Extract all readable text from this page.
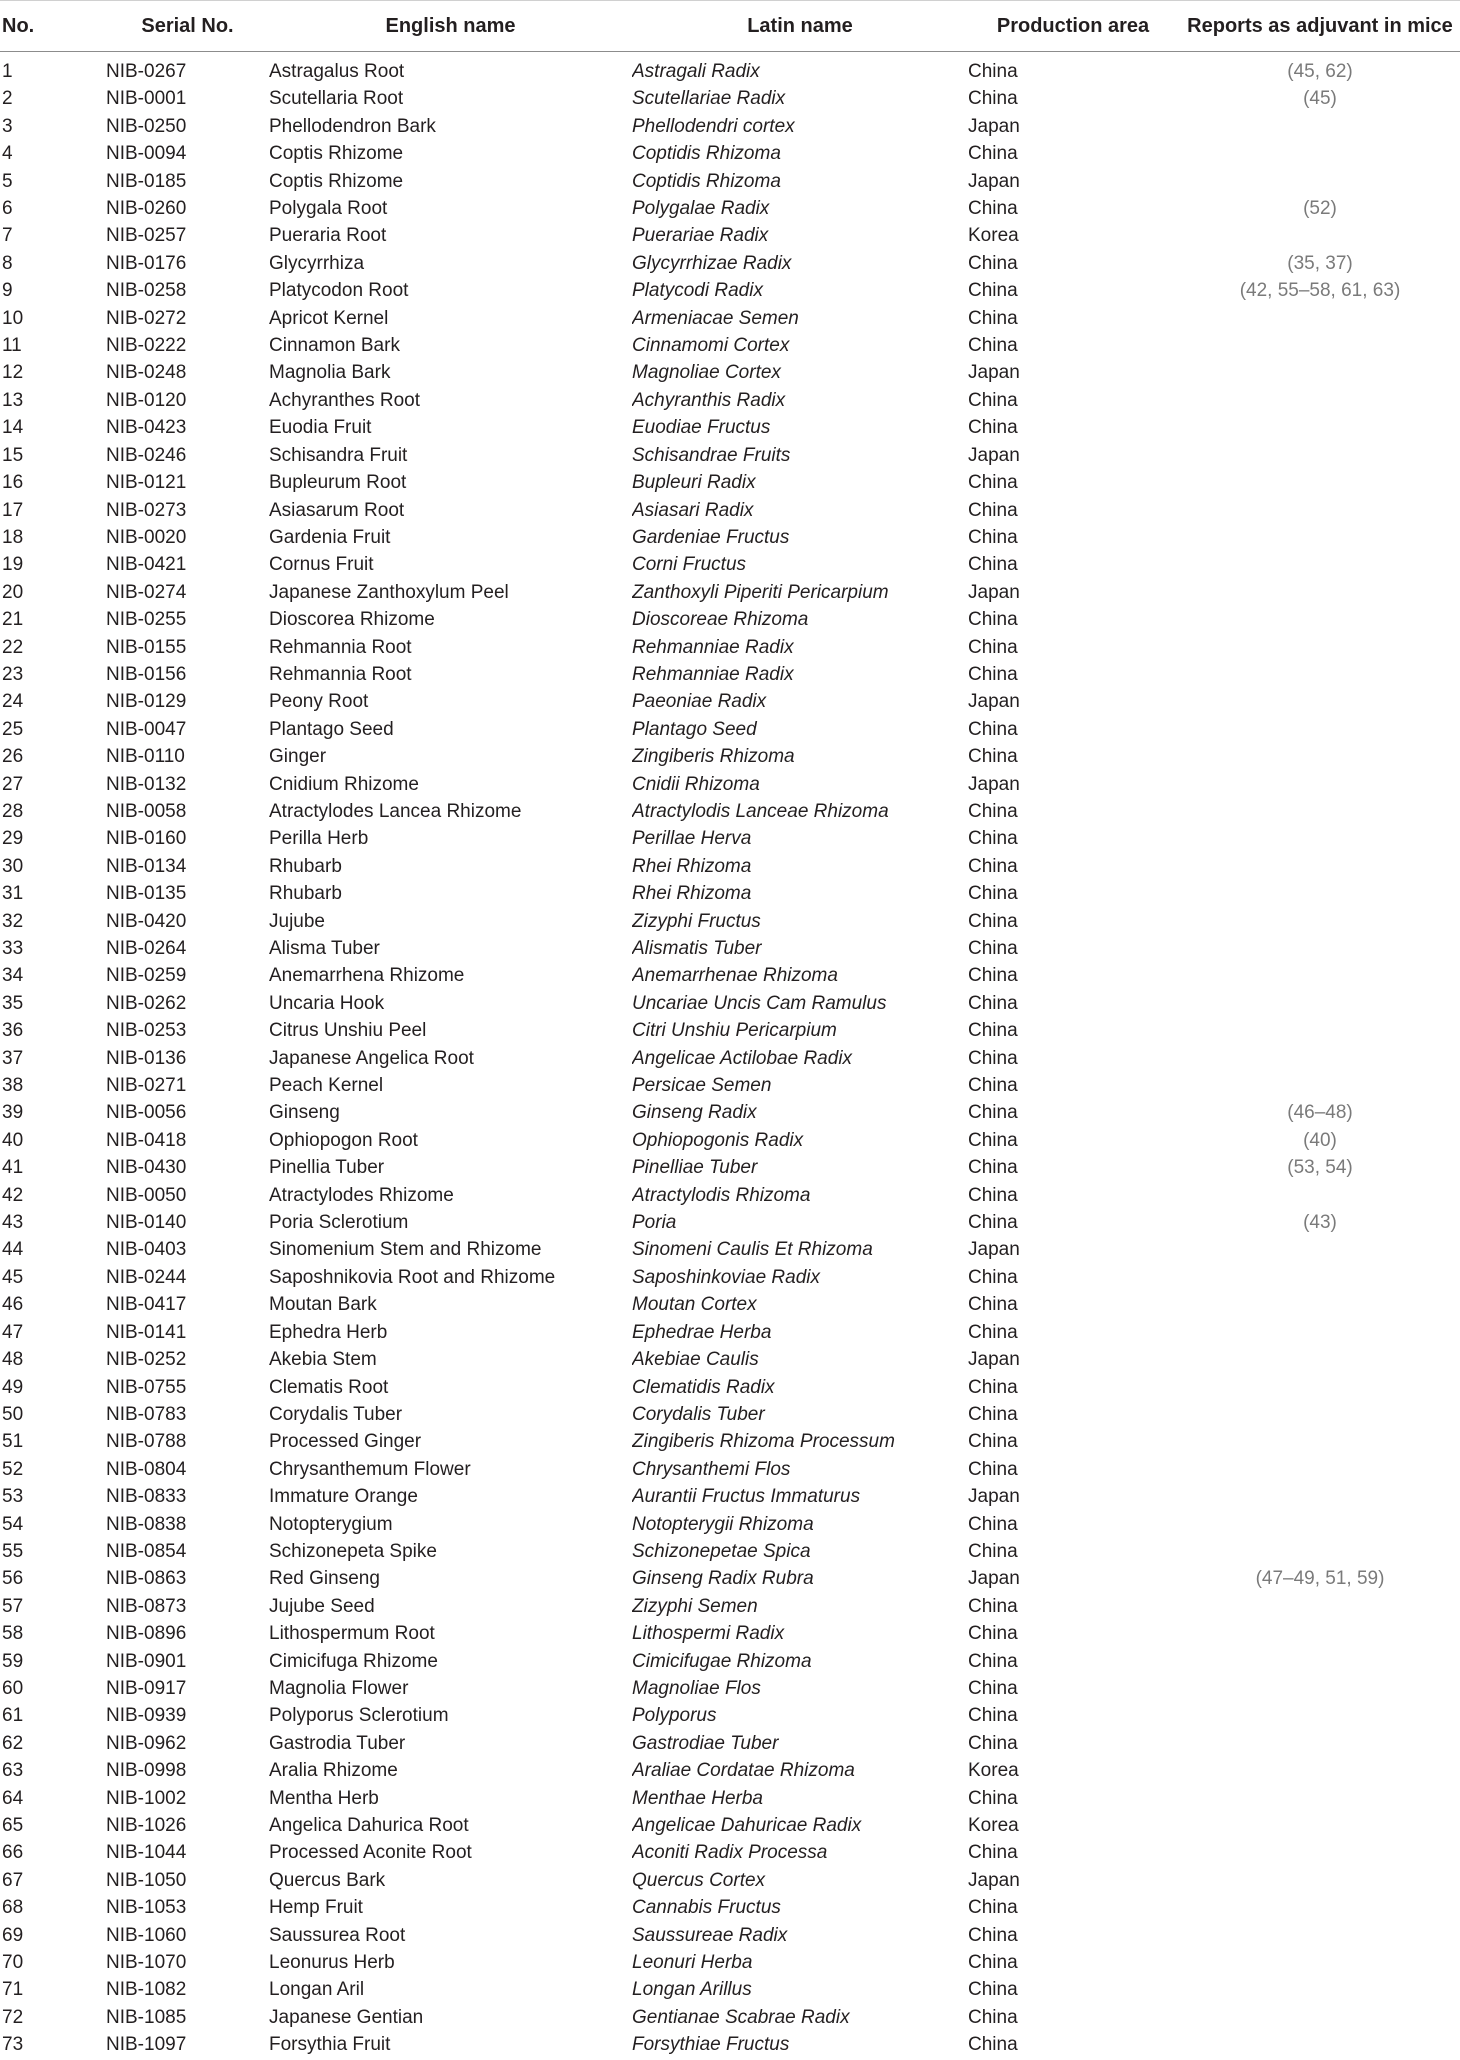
No.	Serial No.	English name	Latin name	Production area	Reports as adjuvant in mice
1	NIB-0267	Astragalus Root	Astragali Radix	China	(45, 62)
2	NIB-0001	Scutellaria Root	Scutellariae Radix	China	(45)
3	NIB-0250	Phellodendron Bark	Phellodendri cortex	Japan	
4	NIB-0094	Coptis Rhizome	Coptidis Rhizoma	China	
5	NIB-0185	Coptis Rhizome	Coptidis Rhizoma	Japan	
6	NIB-0260	Polygala Root	Polygalae Radix	China	(52)
7	NIB-0257	Pueraria Root	Puerariae Radix	Korea	
8	NIB-0176	Glycyrrhiza	Glycyrrhizae Radix	China	(35, 37)
9	NIB-0258	Platycodon Root	Platycodi Radix	China	(42, 55–58, 61, 63)
10	NIB-0272	Apricot Kernel	Armeniacae Semen	China	
11	NIB-0222	Cinnamon Bark	Cinnamomi Cortex	China	
12	NIB-0248	Magnolia Bark	Magnoliae Cortex	Japan	
13	NIB-0120	Achyranthes Root	Achyranthis Radix	China	
14	NIB-0423	Euodia Fruit	Euodiae Fructus	China	
15	NIB-0246	Schisandra Fruit	Schisandrae Fruits	Japan	
16	NIB-0121	Bupleurum Root	Bupleuri Radix	China	
17	NIB-0273	Asiasarum Root	Asiasari Radix	China	
18	NIB-0020	Gardenia Fruit	Gardeniae Fructus	China	
19	NIB-0421	Cornus Fruit	Corni Fructus	China	
20	NIB-0274	Japanese Zanthoxylum Peel	Zanthoxyli Piperiti Pericarpium	Japan	
21	NIB-0255	Dioscorea Rhizome	Dioscoreae Rhizoma	China	
22	NIB-0155	Rehmannia Root	Rehmanniae Radix	China	
23	NIB-0156	Rehmannia Root	Rehmanniae Radix	China	
24	NIB-0129	Peony Root	Paeoniae Radix	Japan	
25	NIB-0047	Plantago Seed	Plantago Seed	China	
26	NIB-0110	Ginger	Zingiberis Rhizoma	China	
27	NIB-0132	Cnidium Rhizome	Cnidii Rhizoma	Japan	
28	NIB-0058	Atractylodes Lancea Rhizome	Atractylodis Lanceae Rhizoma	China	
29	NIB-0160	Perilla Herb	Perillae Herva	China	
30	NIB-0134	Rhubarb	Rhei Rhizoma	China	
31	NIB-0135	Rhubarb	Rhei Rhizoma	China	
32	NIB-0420	Jujube	Zizyphi Fructus	China	
33	NIB-0264	Alisma Tuber	Alismatis Tuber	China	
34	NIB-0259	Anemarrhena Rhizome	Anemarrhenae Rhizoma	China	
35	NIB-0262	Uncaria Hook	Uncariae Uncis Cam Ramulus	China	
36	NIB-0253	Citrus Unshiu Peel	Citri Unshiu Pericarpium	China	
37	NIB-0136	Japanese Angelica Root	Angelicae Actilobae Radix	China	
38	NIB-0271	Peach Kernel	Persicae Semen	China	
39	NIB-0056	Ginseng	Ginseng Radix	China	(46–48)
40	NIB-0418	Ophiopogon Root	Ophiopogonis Radix	China	(40)
41	NIB-0430	Pinellia Tuber	Pinelliae Tuber	China	(53, 54)
42	NIB-0050	Atractylodes Rhizome	Atractylodis Rhizoma	China	
43	NIB-0140	Poria Sclerotium	Poria	China	(43)
44	NIB-0403	Sinomenium Stem and Rhizome	Sinomeni Caulis Et Rhizoma	Japan	
45	NIB-0244	Saposhnikovia Root and Rhizome	Saposhinkoviae Radix	China	
46	NIB-0417	Moutan Bark	Moutan Cortex	China	
47	NIB-0141	Ephedra Herb	Ephedrae Herba	China	
48	NIB-0252	Akebia Stem	Akebiae Caulis	Japan	
49	NIB-0755	Clematis Root	Clematidis Radix	China	
50	NIB-0783	Corydalis Tuber	Corydalis Tuber	China	
51	NIB-0788	Processed Ginger	Zingiberis Rhizoma Processum	China	
52	NIB-0804	Chrysanthemum Flower	Chrysanthemi Flos	China	
53	NIB-0833	Immature Orange	Aurantii Fructus Immaturus	Japan	
54	NIB-0838	Notopterygium	Notopterygii Rhizoma	China	
55	NIB-0854	Schizonepeta Spike	Schizonepetae Spica	China	
56	NIB-0863	Red Ginseng	Ginseng Radix Rubra	Japan	(47–49, 51, 59)
57	NIB-0873	Jujube Seed	Zizyphi Semen	China	
58	NIB-0896	Lithospermum Root	Lithospermi Radix	China	
59	NIB-0901	Cimicifuga Rhizome	Cimicifugae Rhizoma	China	
60	NIB-0917	Magnolia Flower	Magnoliae Flos	China	
61	NIB-0939	Polyporus Sclerotium	Polyporus	China	
62	NIB-0962	Gastrodia Tuber	Gastrodiae Tuber	China	
63	NIB-0998	Aralia Rhizome	Araliae Cordatae Rhizoma	Korea	
64	NIB-1002	Mentha Herb	Menthae Herba	China	
65	NIB-1026	Angelica Dahurica Root	Angelicae Dahuricae Radix	Korea	
66	NIB-1044	Processed Aconite Root	Aconiti Radix Processa	China	
67	NIB-1050	Quercus Bark	Quercus Cortex	Japan	
68	NIB-1053	Hemp Fruit	Cannabis Fructus	China	
69	NIB-1060	Saussurea Root	Saussureae Radix	China	
70	NIB-1070	Leonurus Herb	Leonuri Herba	China	
71	NIB-1082	Longan Aril	Longan Arillus	China	
72	NIB-1085	Japanese Gentian	Gentianae Scabrae Radix	China	
73	NIB-1097	Forsythia Fruit	Forsythiae Fructus	China	
